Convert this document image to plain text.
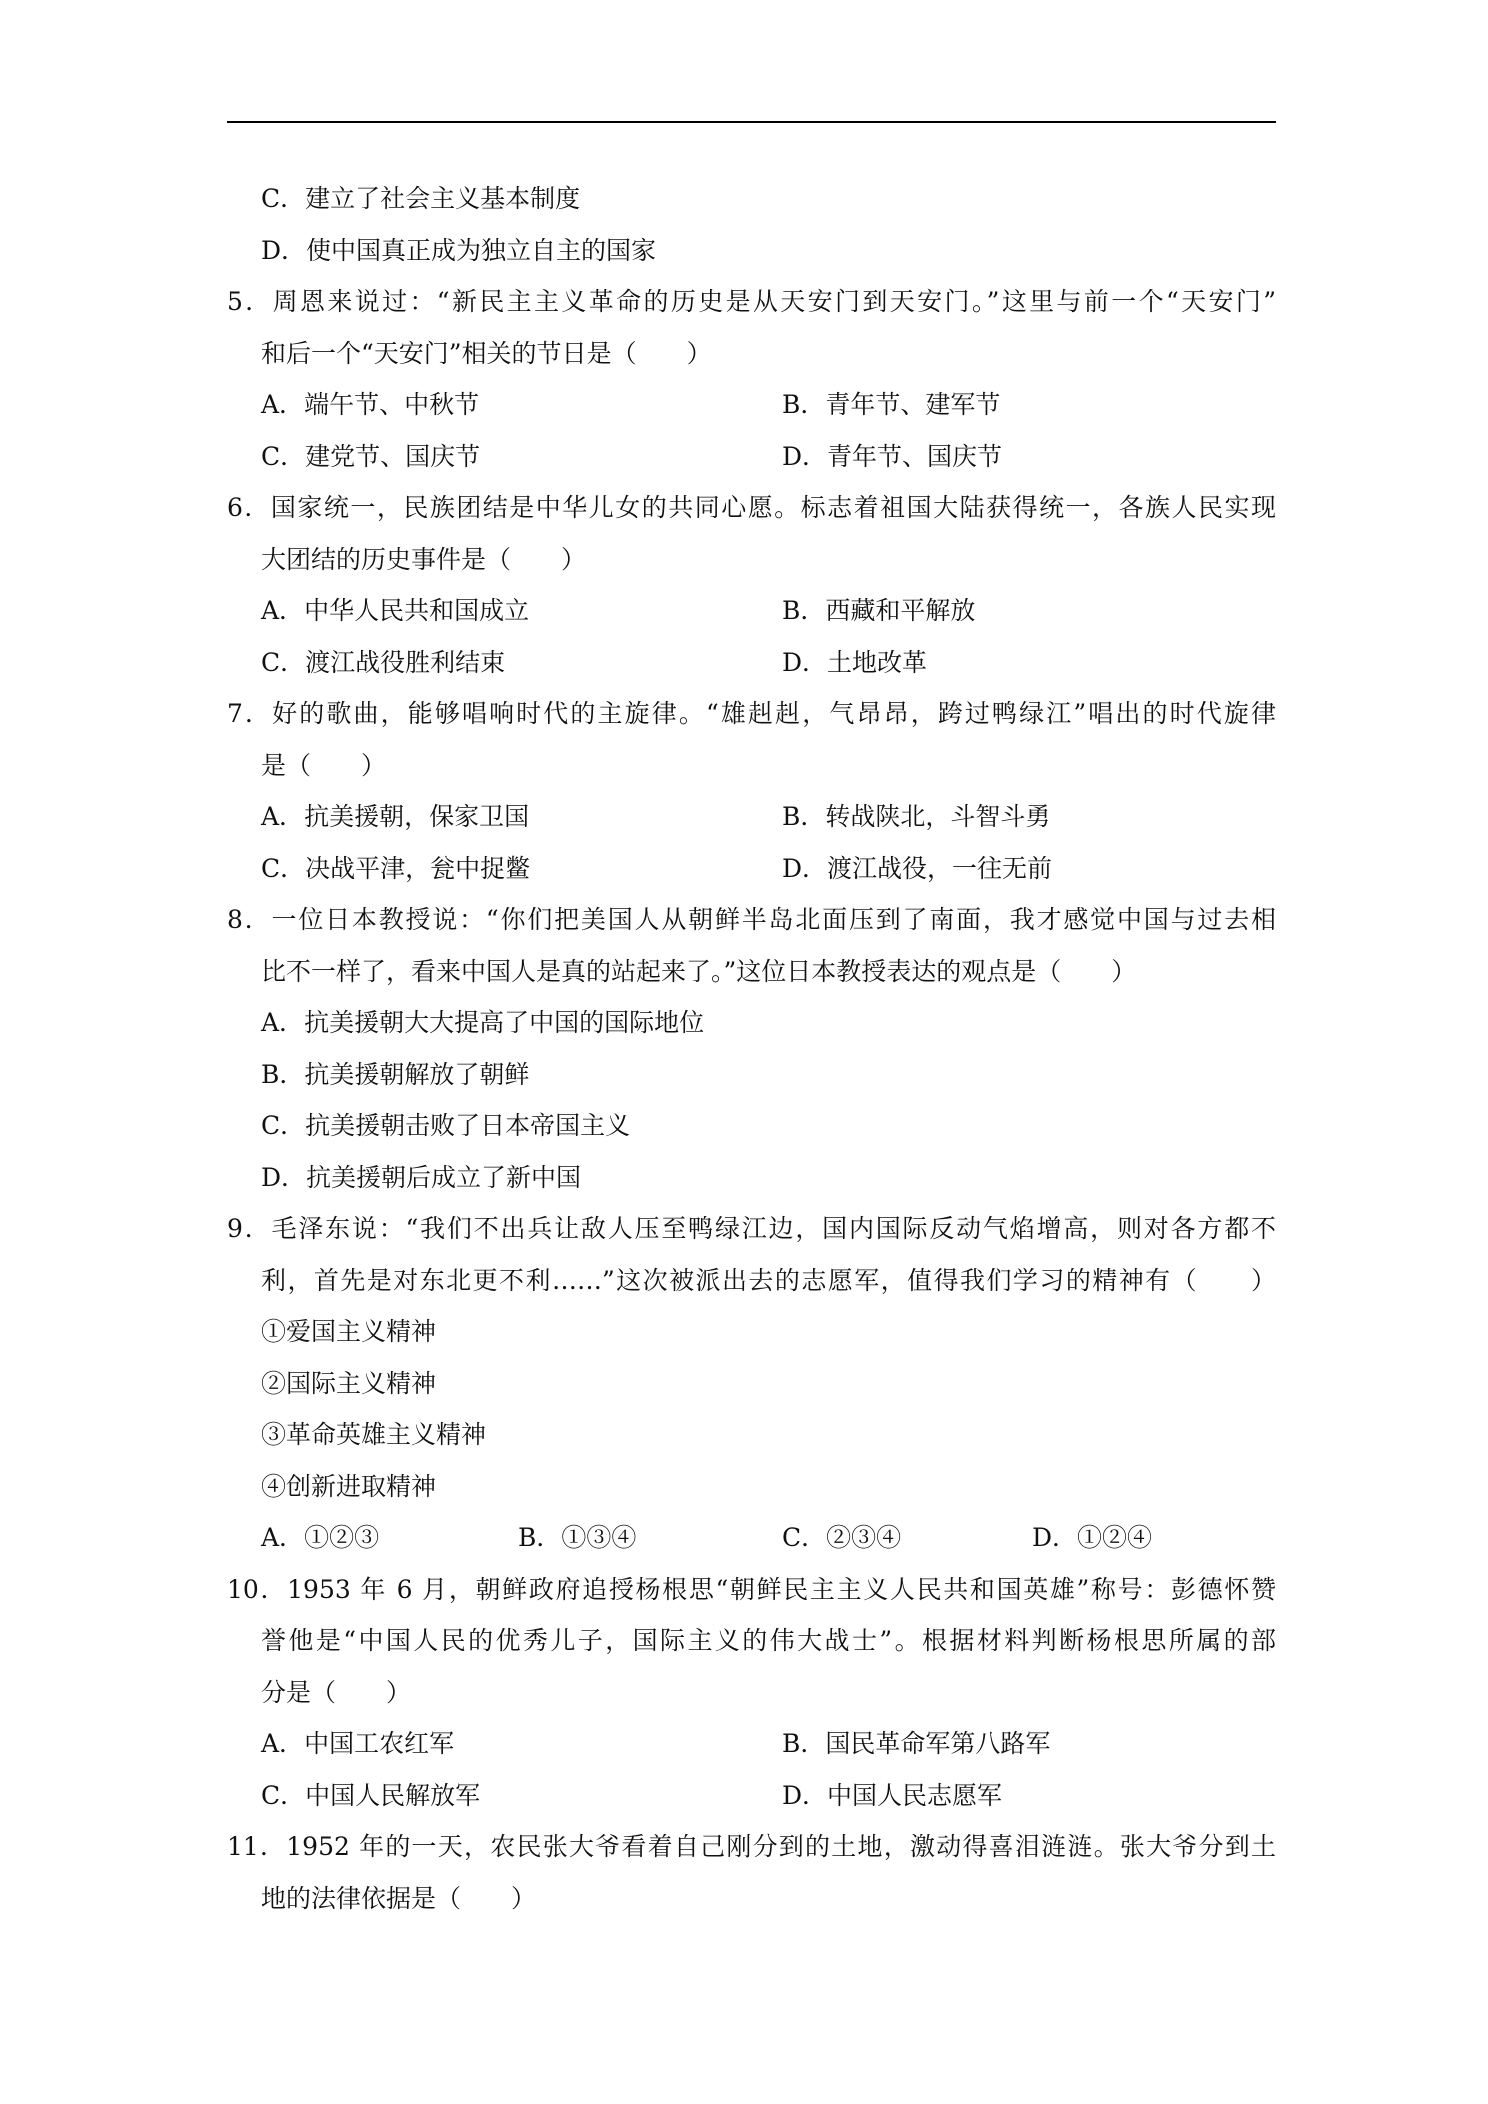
C．建立了社会主义基本制度
D．使中国真正成为独立自主的国家
5．周恩来说过：“新民主主义革命的历史是从天安门到天安门。”这里与前一个“天安门”
和后一个“天安门”相关的节日是（　　）
A．端午节、中秋节	B．青年节、建军节
C．建党节、国庆节	D．青年节、国庆节
6．国家统一，民族团结是中华儿女的共同心愿。标志着祖国大陆获得统一，各族人民实现
大团结的历史事件是（　　）
A．中华人民共和国成立	B．西藏和平解放
C．渡江战役胜利结束	D．土地改革
7．好的歌曲，能够唱响时代的主旋律。“雄赳赳，气昂昂，跨过鸭绿江”唱出的时代旋律
是（　　）
A．抗美援朝，保家卫国	B．转战陕北，斗智斗勇
C．决战平津，瓮中捉鳖	D．渡江战役，一往无前
8．一位日本教授说：“你们把美国人从朝鲜半岛北面压到了南面，我才感觉中国与过去相
比不一样了，看来中国人是真的站起来了。”这位日本教授表达的观点是（　　）
A．抗美援朝大大提高了中国的国际地位
B．抗美援朝解放了朝鲜
C．抗美援朝击败了日本帝国主义
D．抗美援朝后成立了新中国
9．毛泽东说：“我们不出兵让敌人压至鸭绿江边，国内国际反动气焰增高，则对各方都不
利，首先是对东北更不利……”这次被派出去的志愿军，值得我们学习的精神有（　　）
①爱国主义精神
②国际主义精神
③革命英雄主义精神
④创新进取精神
A．①②③	B．①③④	C．②③④	D．①②④
10．1953 年 6 月，朝鲜政府追授杨根思“朝鲜民主主义人民共和国英雄”称号：彭德怀赞
誉他是“中国人民的优秀儿子，国际主义的伟大战士”。根据材料判断杨根思所属的部
分是（　　）
A．中国工农红军	B．国民革命军第八路军
C．中国人民解放军	D．中国人民志愿军
11．1952 年的一天，农民张大爷看着自己刚分到的土地，激动得喜泪涟涟。张大爷分到土
地的法律依据是（　　）
